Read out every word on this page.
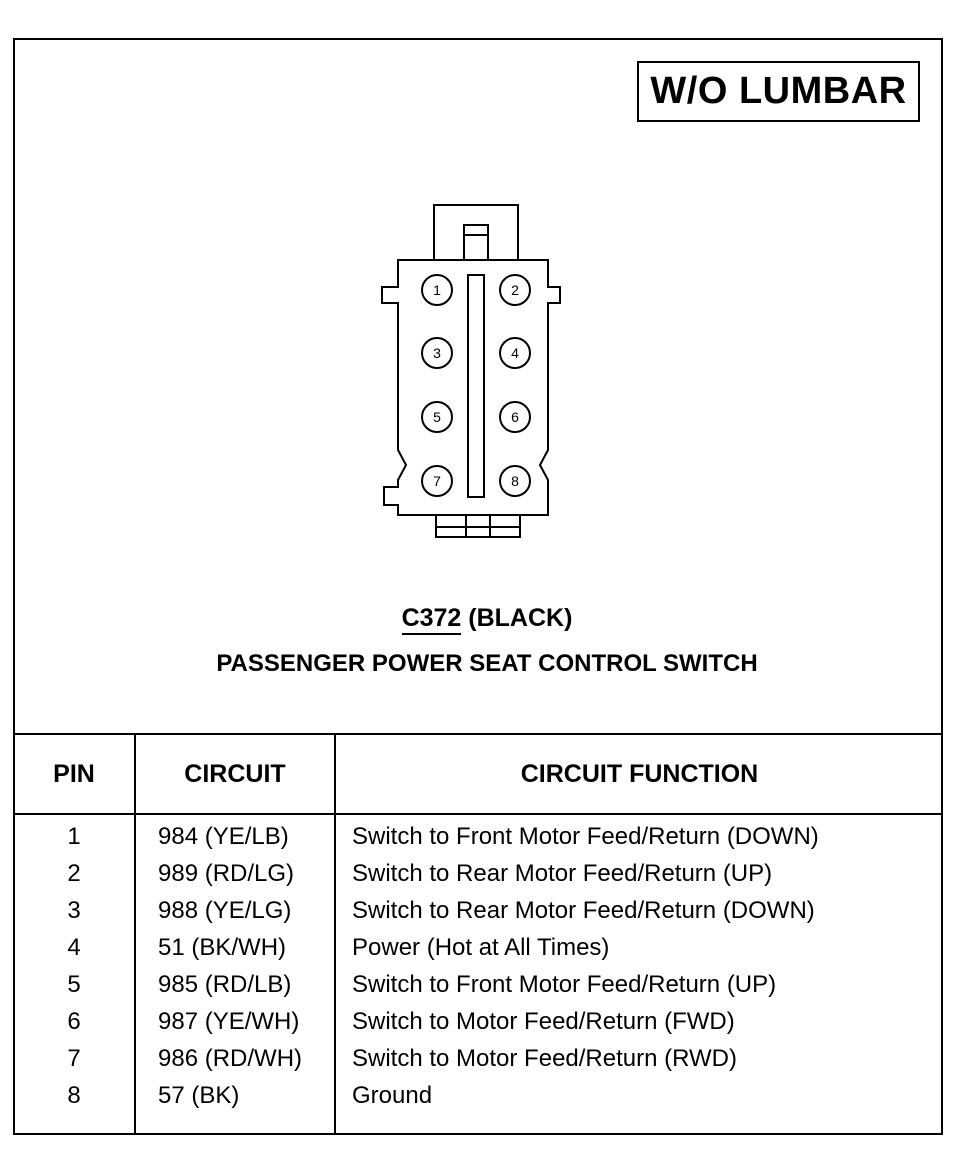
W/O LUMBAR
1	2
3	4
5	6
7	8
C372 (BLACK)
PASSENGER POWER SEAT CONTROL SWITCH
PIN	CIRCUIT	CIRCUIT FUNCTION
1	984 (YE/LB)	Switch to Front Motor Feed/Return (DOWN)
2	989 (RD/LG) Switch to Rear Motor Feed/Return (UP)
3	988 (YE/LG)	Switch to Rear Motor Feed/Return (DOWN)
4	51 (BK/WH)	Power (Hot at All Times)
5	985 (RD/LB)	Switch to Front Motor Feed/Return (UP)
6	987 (YE/WH) Switch to Motor Feed/Return (FWD)
7	986 (RD/WH) Switch to Motor Feed/Return (RWD)
8	57 (BK)	Ground
